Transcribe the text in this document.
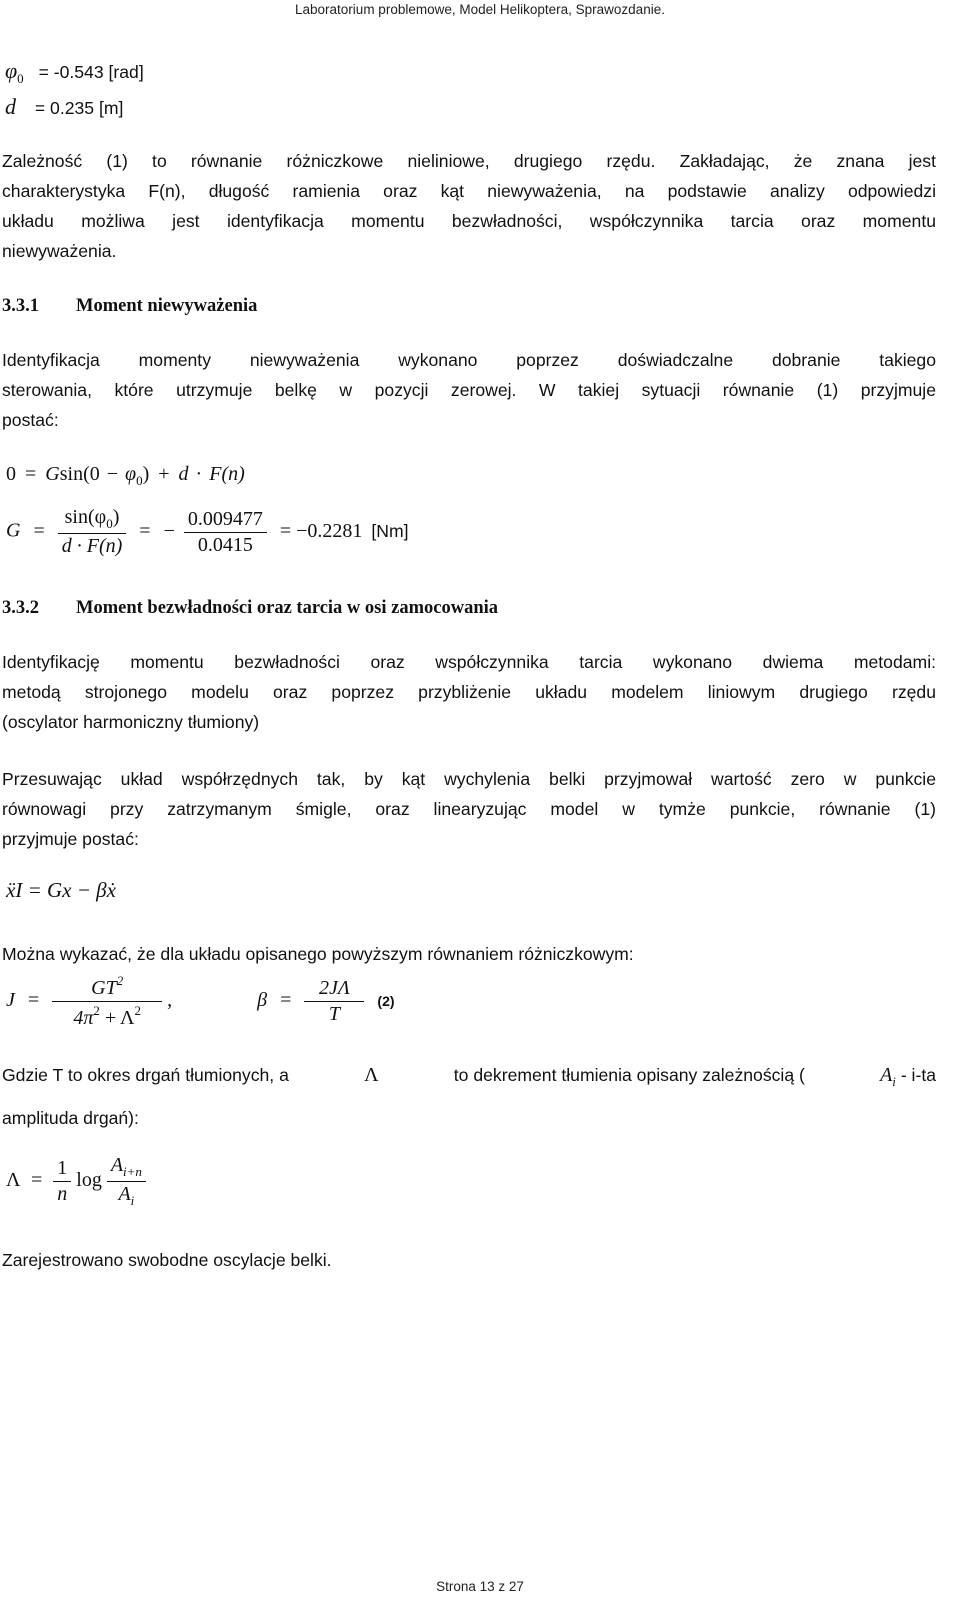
Laboratorium problemowe, Model Helikoptera, Sprawozdanie.
$\varphi_0 = -0.543$ [rad]
d = 0.235 [m]
Zależność (1) to równanie różniczkowe nieliniowe, drugiego rzędu. Zakładając, że znana jest
charakterystyka F(n), długość ramienia oraz kąt niewyważenia, na podstawie analizy odpowiedzi
układu możliwa jest identyfikacja momentu bezwładności, współczynnika tarcia oraz momentu
niewyważenia.
3.3.1 Moment niewyważenia
Identyfikacja momenty niewyważenia wykonano poprzez doświadczalne dobranie takiego
sterowania, które utrzymuje belkę w pozycji zerowej. W takiej sytuacji równanie (1) przyjmuje
postać:
$0 = Gsin(0 - \varphi_0) + d \cdot F(n)$
$G = \frac{\sin(\varphi_0)}{d \cdot F(n)}$ = − $\frac{0.009477}{0.0415} = -0.2281$ [Nm]
3.3.2 Moment bezwładności oraz tarcia w osi zamocowania
Identyfikację momentu bezwładności oraz współczynnika tarcia wykonano dwiema metodami:
metodą strojonego modelu oraz poprzez przybliżenie układu modelem liniowym drugiego rzędu
(oscylator harmoniczny tłumiony)
Przesuwając układ współrzędnych tak, by kąt wychylenia belki przyjmował wartość zero w punkcie
równowagi przy zatrzymanym śmigle, oraz linearyzując model w tymże punkcie, równanie (1)
przyjmuje postać:
ẍI = Gx − βẋ
Można wykazać, że dla układu opisanego powyższym równaniem różniczkowym:
$J = \frac{GT^2}{4\pi^2 + \Lambda^2}$ ,	$\beta = \frac{2J\Lambda}{T} (2)$
Gdzie T to okres drgań tłumionych, a	Λ	to dekrement tłumienia opisany zależnością (	$A_i - i-ta$
amplituda drgań):
$\Lambda = \frac{1}{n}$ $\log \frac{A_{i+n}}{A_i}$
Zarejestrowano swobodne oscylacje belki.
Strona 13 z 27
